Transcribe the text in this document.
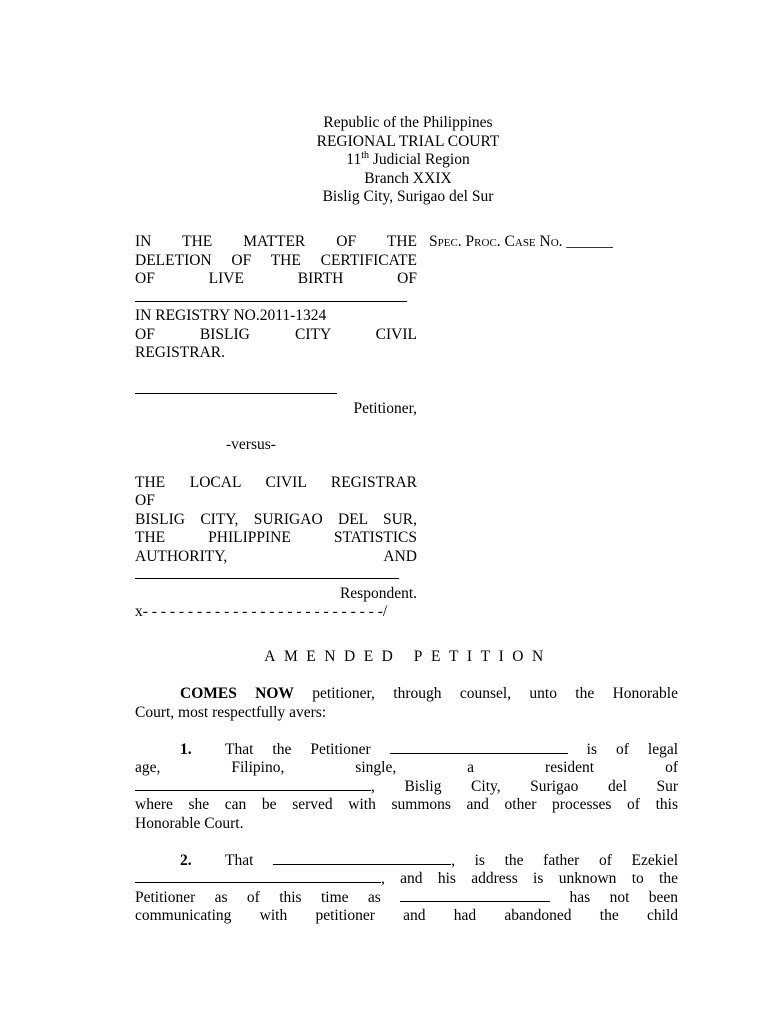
Republic of the Philippines
REGIONAL TRIAL COURT
11th Judicial Region
Branch XXIX
Bislig City, Surigao del Sur
Spec. Proc. Case No. ______
IN THE MATTER OF THE
DELETION OF THE CERTIFICATE
OF LIVE BIRTH OF
IN REGISTRY NO.2011-1324
OF BISLIG CITY CIVIL
REGISTRAR.
Petitioner,
THE LOCAL CIVIL REGISTRAR
OF
BISLIG CITY, SURIGAO DEL SUR,
THE PHILIPPINE STATISTICS
AUTHORITY, AND
Respondent.
x- - - - - - - - - - - - - - - - - - - - - - - - - - -/
-versus-
AMENDED PETITION
COMES NOW petitioner, through counsel, unto the Honorable
Court, most respectfully avers:
1. That the Petitioner	is of legal
age, Filipino, single, a resident of
, Bislig City, Surigao del Sur
where she can be served with summons and other processes of this
Honorable Court.
2. That	, is the father of Ezekiel
, and his address is unknown to the
Petitioner as of this time as	has not been
communicating with petitioner and had abandoned the child
